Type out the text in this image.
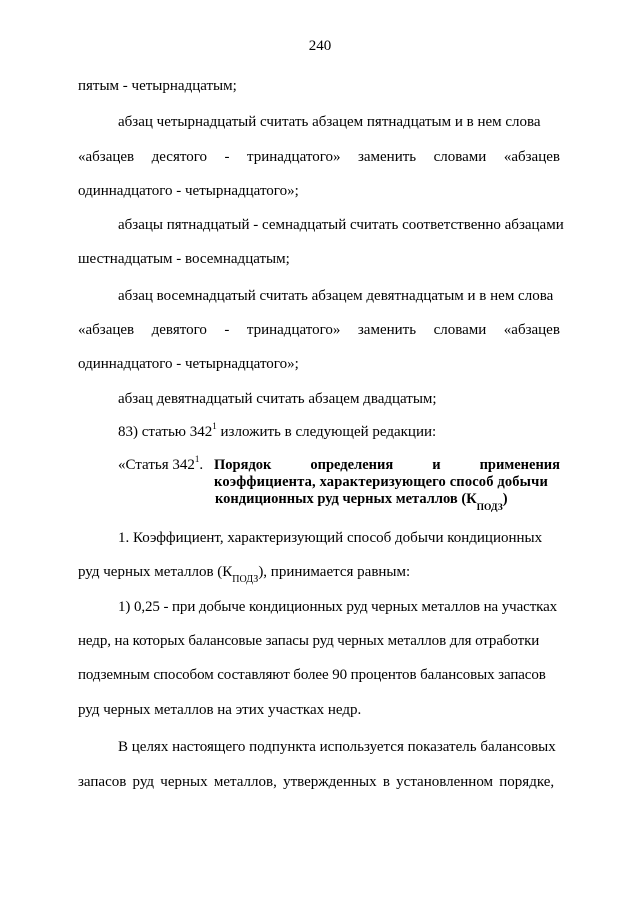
240
пятым - четырнадцатым;
абзац четырнадцатый считать абзацем пятнадцатым и в нем слова
«абзацев десятого - тринадцатого» заменить словами «абзацев
одиннадцатого - четырнадцатого»;
абзацы пятнадцатый - семнадцатый считать соответственно абзацами
шестнадцатым - восемнадцатым;
абзац восемнадцатый считать абзацем девятнадцатым и в нем слова
«абзацев девятого - тринадцатого» заменить словами «абзацев
одиннадцатого - четырнадцатого»;
абзац девятнадцатый считать абзацем двадцатым;
83) статью $342^1$ изложить в следующей редакции:
«Статья $342^1$. Порядок	определения	и	применения
коэффициента, характеризующего способ добычи
кондиционных руд черных металлов $(К_{ПОДЗ})$
1. Коэффициент, характеризующий способ добычи кондиционных
руд черных металлов $(К_{ПОДЗ})$, принимается равным:
1) 0,25 - при добыче кондиционных руд черных металлов на участках
недр, на которых балансовые запасы руд черных металлов для отработки
подземным способом составляют более 90 процентов балансовых запасов
руд черных металлов на этих участках недр.
В целях настоящего подпункта используется показатель балансовых
запасов руд черных металлов, утвержденных в установленном порядке,
